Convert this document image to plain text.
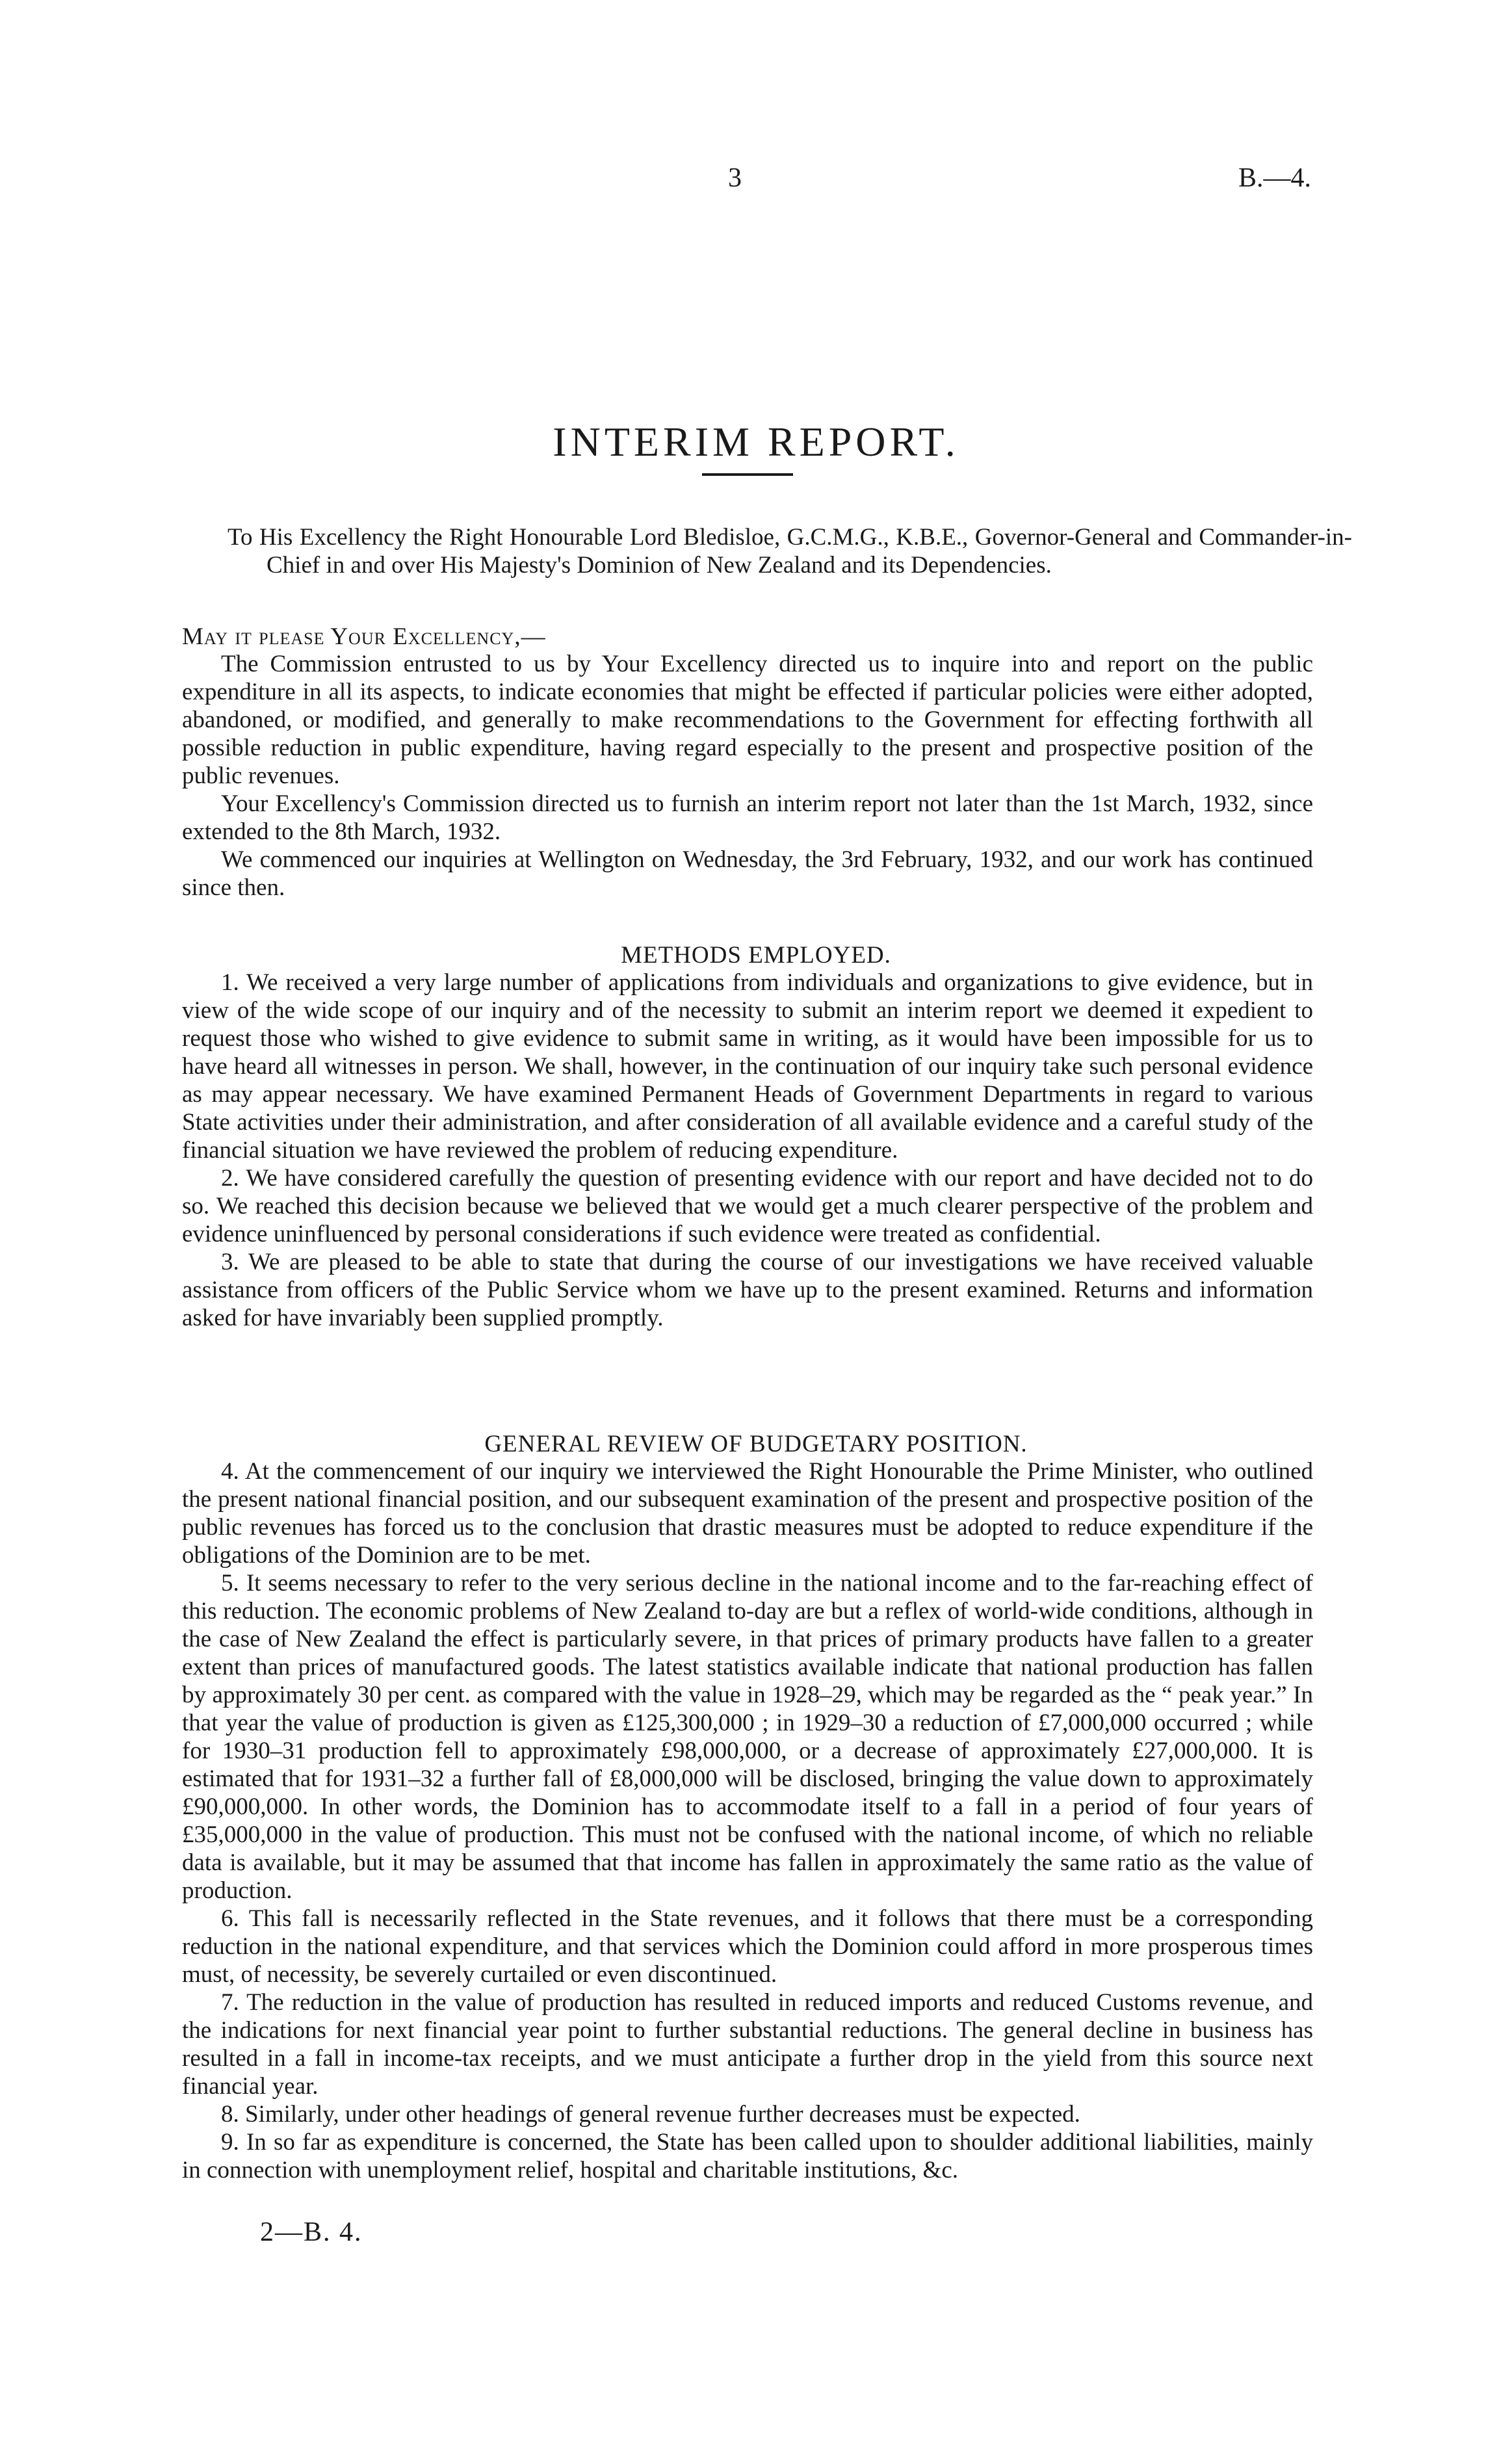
3	B.—4.
INTERIM REPORT.
To His Excellency the Right Honourable Lord Bledisloe, G.C.M.G., K.B.E., Governor-General and Commander-in-Chief in and over His Majesty's Dominion of New Zealand and its Dependencies.
May it please Your Excellency,—

The Commission entrusted to us by Your Excellency directed us to inquire into and report on the public expenditure in all its aspects, to indicate economies that might be effected if particular policies were either adopted, abandoned, or modified, and generally to make recommendations to the Government for effecting forthwith all possible reduction in public expenditure, having regard especially to the present and prospective position of the public revenues.

Your Excellency's Commission directed us to furnish an interim report not later than the 1st March, 1932, since extended to the 8th March, 1932.

We commenced our inquiries at Wellington on Wednesday, the 3rd February, 1932, and our work has continued since then.

METHODS EMPLOYED.

1. We received a very large number of applications from individuals and organizations to give evidence, but in view of the wide scope of our inquiry and of the necessity to submit an interim report we deemed it expedient to request those who wished to give evidence to submit same in writing, as it would have been impossible for us to have heard all witnesses in person. We shall, however, in the continuation of our inquiry take such personal evidence as may appear necessary. We have examined Permanent Heads of Government Departments in regard to various State activities under their administration, and after consideration of all available evidence and a careful study of the financial situation we have reviewed the problem of reducing expenditure.

2. We have considered carefully the question of presenting evidence with our report and have decided not to do so. We reached this decision because we believed that we would get a much clearer perspective of the problem and evidence uninfluenced by personal considerations if such evidence were treated as confidential.

3. We are pleased to be able to state that during the course of our investigations we have received valuable assistance from officers of the Public Service whom we have up to the present examined. Returns and information asked for have invariably been supplied promptly.

GENERAL REVIEW OF BUDGETARY POSITION.

4. At the commencement of our inquiry we interviewed the Right Honourable the Prime Minister, who outlined the present national financial position, and our subsequent examination of the present and prospective position of the public revenues has forced us to the conclusion that drastic measures must be adopted to reduce expenditure if the obligations of the Dominion are to be met.

5. It seems necessary to refer to the very serious decline in the national income and to the far-reaching effect of this reduction. The economic problems of New Zealand to-day are but a reflex of world-wide conditions, although in the case of New Zealand the effect is particularly severe, in that prices of primary products have fallen to a greater extent than prices of manufactured goods. The latest statistics available indicate that national production has fallen by approximately 30 per cent. as compared with the value in 1928–29, which may be regarded as the “ peak year.” In that year the value of production is given as £125,300,000 ; in 1929–30 a reduction of £7,000,000 occurred ; while for 1930–31 production fell to approximately £98,000,000, or a decrease of approximately £27,000,000. It is estimated that for 1931–32 a further fall of £8,000,000 will be disclosed, bringing the value down to approximately £90,000,000. In other words, the Dominion has to accommodate itself to a fall in a period of four years of £35,000,000 in the value of production. This must not be confused with the national income, of which no reliable data is available, but it may be assumed that that income has fallen in approximately the same ratio as the value of production.

6. This fall is necessarily reflected in the State revenues, and it follows that there must be a corresponding reduction in the national expenditure, and that services which the Dominion could afford in more prosperous times must, of necessity, be severely curtailed or even discontinued.

7. The reduction in the value of production has resulted in reduced imports and reduced Customs revenue, and the indications for next financial year point to further substantial reductions. The general decline in business has resulted in a fall in income-tax receipts, and we must anticipate a further drop in the yield from this source next financial year.

8. Similarly, under other headings of general revenue further decreases must be expected.

9. In so far as expenditure is concerned, the State has been called upon to shoulder additional liabilities, mainly in connection with unemployment relief, hospital and charitable institutions, &c.

2—B. 4.
